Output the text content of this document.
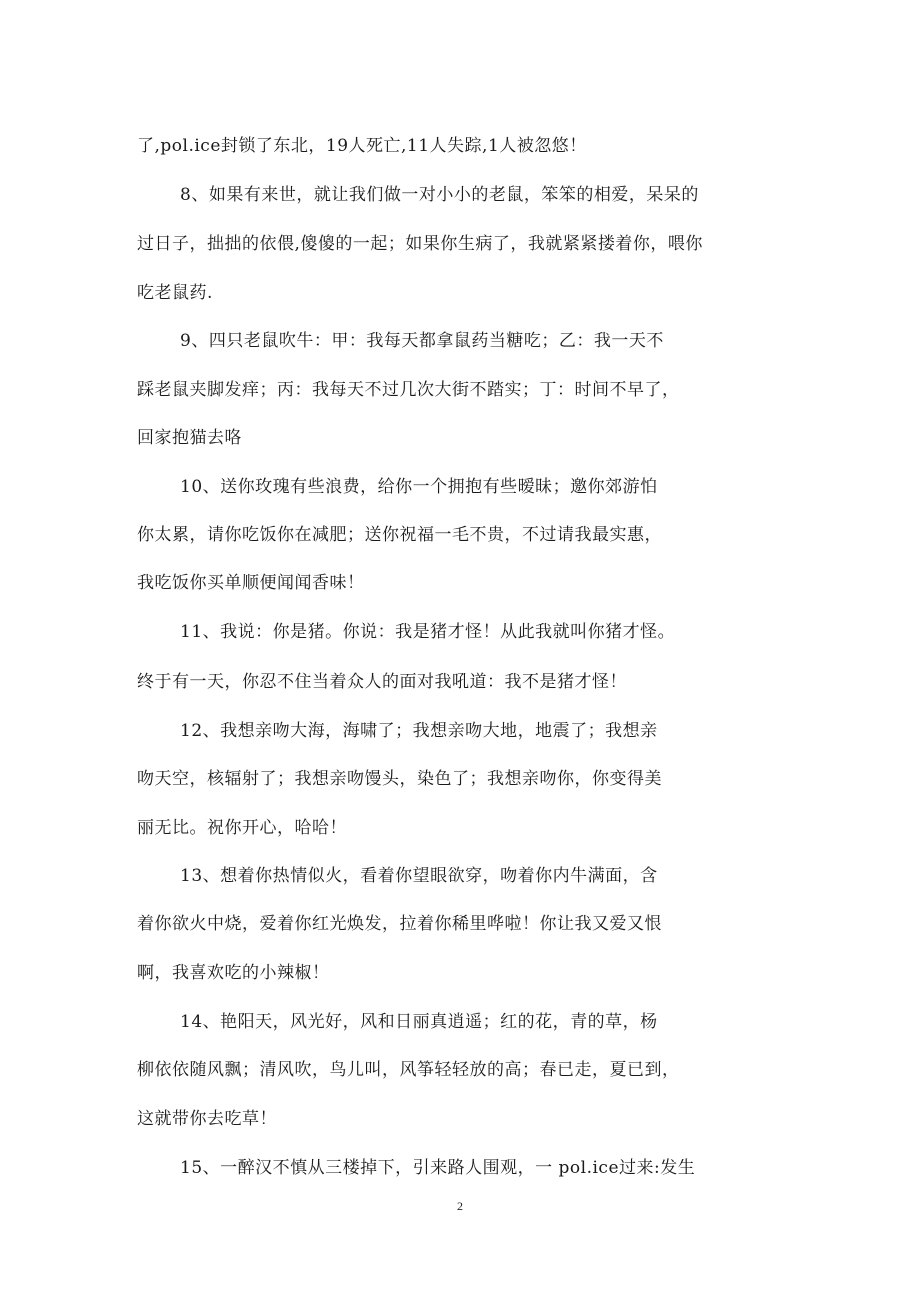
了,pol.ice封锁了东北，19人死亡,11人失踪,1人被忽悠！
8、如果有来世，就让我们做一对小小的老鼠，笨笨的相爱，呆呆的
过日子，拙拙的依偎,傻傻的一起；如果你生病了，我就紧紧搂着你，喂你
吃老鼠药.
9、四只老鼠吹牛：甲：我每天都拿鼠药当糖吃；乙：我一天不
踩老鼠夹脚发痒；丙：我每天不过几次大街不踏实；丁：时间不早了，
回家抱猫去咯
10、送你玫瑰有些浪费，给你一个拥抱有些暧昧；邀你郊游怕
你太累，请你吃饭你在减肥；送你祝福一毛不贵，不过请我最实惠，
我吃饭你买单顺便闻闻香味！
11、我说：你是猪。你说：我是猪才怪！从此我就叫你猪才怪。
终于有一天，你忍不住当着众人的面对我吼道：我不是猪才怪！
12、我想亲吻大海，海啸了；我想亲吻大地，地震了；我想亲
吻天空，核辐射了；我想亲吻馒头，染色了；我想亲吻你，你变得美
丽无比。祝你开心，哈哈！
13、想着你热情似火，看着你望眼欲穿，吻着你内牛满面，含
着你欲火中烧，爱着你红光焕发，拉着你稀里哗啦！你让我又爱又恨
啊，我喜欢吃的小辣椒！
14、艳阳天，风光好，风和日丽真逍遥；红的花，青的草，杨
柳依依随风飘；清风吹，鸟儿叫，风筝轻轻放的高；春已走，夏已到，
这就带你去吃草！
15、一醉汉不慎从三楼掉下，引来路人围观，一 pol.ice过来:发生
2
